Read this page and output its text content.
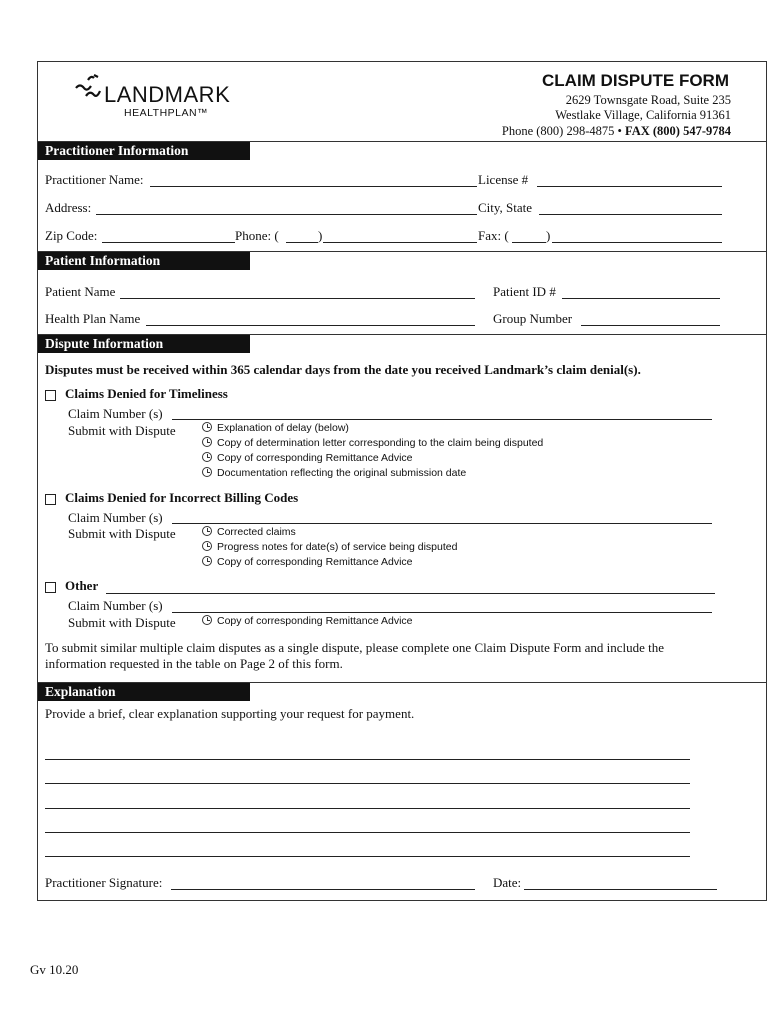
LANDMARK
HEALTHPLAN™
CLAIM DISPUTE FORM
2629 Townsgate Road, Suite 235
Westlake Village, California 91361
Phone (800) 298-4875 • FAX (800) 547-9784
Practitioner Information
Practitioner Name:	License #
Address:	City, State
Zip Code:	Phone: (	)	Fax: (	)
Patient Information
Patient Name	Patient ID #
Health Plan Name	Group Number
Dispute Information
Disputes must be received within 365 calendar days from the date you received Landmark’s claim denial(s).
Claims Denied for Timeliness
Claim Number (s)
Submit with Dispute	Explanation of delay (below)
Copy of determination letter corresponding to the claim being disputed
Copy of corresponding Remittance Advice
Documentation reflecting the original submission date
Claims Denied for Incorrect Billing Codes
Claim Number (s)
Submit with Dispute	Corrected claims
Progress notes for date(s) of service being disputed
Copy of corresponding Remittance Advice
Other
Claim Number (s)
Submit with Dispute	Copy of corresponding Remittance Advice
To submit similar multiple claim disputes as a single dispute, please complete one Claim Dispute Form and include the
information requested in the table on Page 2 of this form.
Explanation
Provide a brief, clear explanation supporting your request for payment.
Practitioner Signature:	Date:
Gv 10.20
